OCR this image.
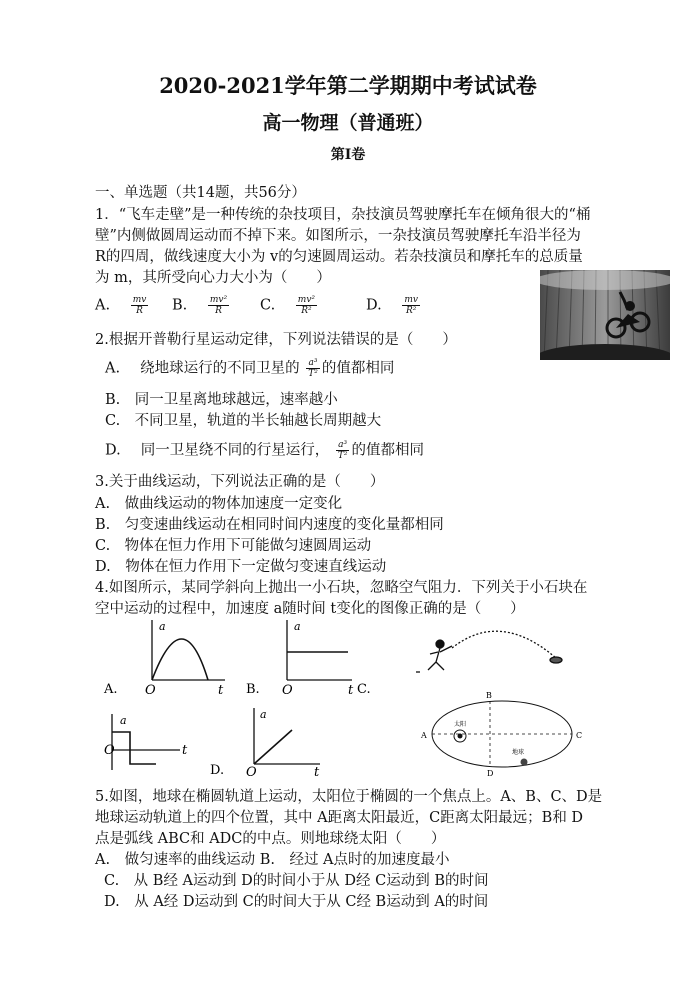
2020-2021学年第二学期期中考试试卷
高一物理（普通班）
第Ⅰ卷
一、单选题（共14题，共56分）
1．“飞车走壁”是一种传统的杂技项目，杂技演员驾驶摩托车在倾角很大的“桶
壁”内侧做圆周运动而不掉下来。如图所示，一杂技演员驾驶摩托车沿半径为
R的四周，做线速度大小为 v的匀速圆周运动。若杂技演员和摩托车的总质量
为 m，其所受向心力大小为（　　）
A. $\frac{mv}{R} B$. $\frac{\text{mv²}}{R} C$. $\frac{\text{mv²}}{\text{R²}}$	D. $\frac{mv}{\text{R²}}$
2.根据开普勒行星运动定律，下列说法错误的是（　　）
A. 绕地球运行的不同卫星的 $\frac{\text{a³}}{\text{T²}}$ 的值都相同
B.　同一卫星离地球越远，速率越小
C.　不同卫星，轨道的半长轴越长周期越大
D. 同一卫星绕不同的行星运行， $\frac{\text{a³}}{\text{T²}}$ 的值都相同
3.关于曲线运动，下列说法正确的是（　　）
A.　做曲线运动的物体加速度一定变化
B.　匀变速曲线运动在相同时间内速度的变化量都相同
C.　物体在恒力作用下可能做匀速圆周运动
D.　物体在恒力作用下一定做匀变速直线运动
4.如图所示，某同学斜向上抛出一小石块，忽略空气阻力．下列关于小石块在
空中运动的过程中，加速度 a随时间 t变化的图像正确的是（　　）
a
O	t
A.
a
O	t
B.	C.
a
O	t
a
O	t
D.
A
B
C
D
太阳
地球
5.如图，地球在椭圆轨道上运动，太阳位于椭圆的一个焦点上。A、B、C、D是
地球运动轨道上的四个位置，其中 A距离太阳最近，C距离太阳最远；B和 D
点是弧线 ABC和 ADC的中点。则地球绕太阳（　　）
A.　做匀速率的曲线运动 B.　经过 A点时的加速度最小
C.　从 B经 A运动到 D的时间小于从 D经 C运动到 B的时间
D.　从 A经 D运动到 C的时间大于从 C经 B运动到 A的时间
